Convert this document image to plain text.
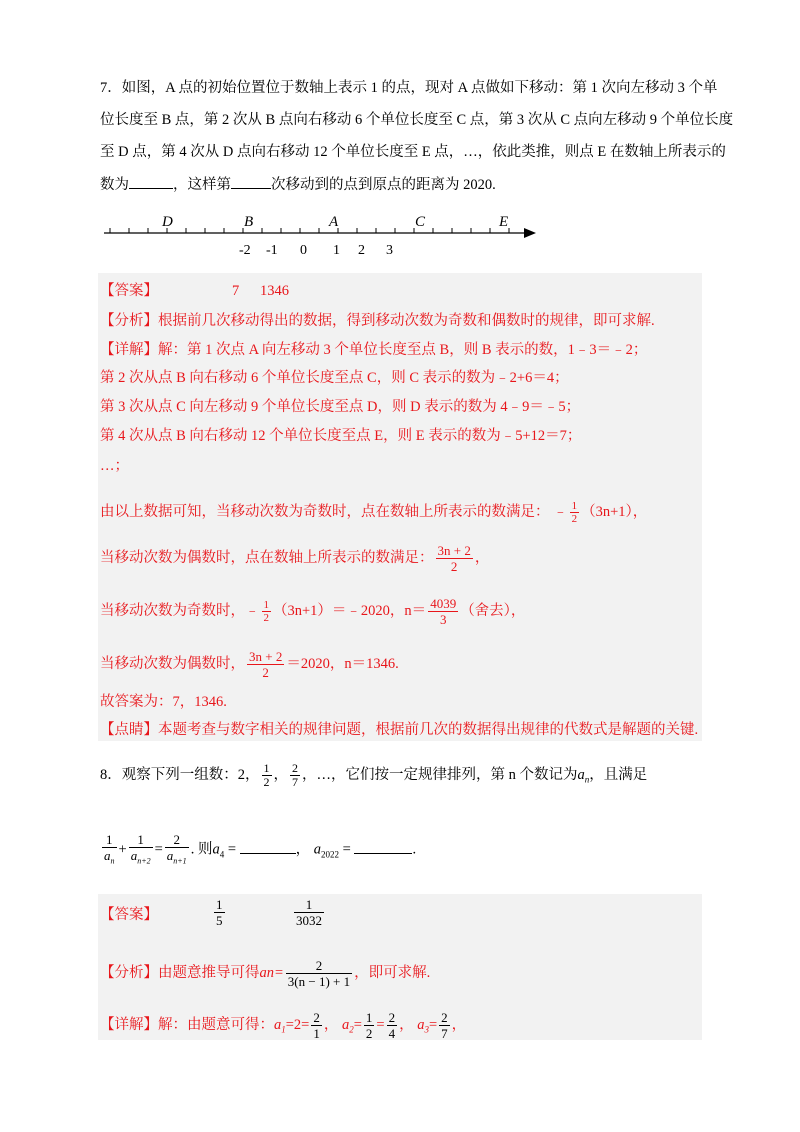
7．如图，A 点的初始位置位于数轴上表示 1 的点，现对 A 点做如下移动：第 1 次向左移动 3 个单
位长度至 B 点，第 2 次从 B 点向右移动 6 个单位长度至 C 点，第 3 次从 C 点向左移动 9 个单位长度
至 D 点，第 4 次从 D 点向右移动 12 个单位长度至 E 点，…，依此类推，则点 E 在数轴上所表示的
数为	，这样第	次移动到的点到原点的距离为 2020.
D	B	A	C	E
-2 -1 0 1 2 3
【答案】	7 1346
【分析】根据前几次移动得出的数据，得到移动次数为奇数和偶数时的规律，即可求解.
【详解】解：第 1 次点 A 向左移动 3 个单位长度至点 B，则 B 表示的数，1﹣3＝﹣2；
第 2 次从点 B 向右移动 6 个单位长度至点 C，则 C 表示的数为﹣2+6＝4；
第 3 次从点 C 向左移动 9 个单位长度至点 D，则 D 表示的数为 4﹣9＝﹣5；
第 4 次从点 B 向右移动 12 个单位长度至点 E，则 E 表示的数为﹣5+12＝7；
…；
由以上数据可知，当移动次数为奇数时，点在数轴上所表示的数满足： ﹣ $\frac{1}{2} (3n+1)$，
当移动次数为偶数时，点在数轴上所表示的数满足： $\frac{3n + 2}{2}$ ，
当移动次数为奇数时，﹣ $\frac{1}{2}$ （3n+1）＝﹣2020，$n= \frac{4039}{3}$ （舍去），
当移动次数为偶数时， $\frac{3n + 2}{2} =2020$，n＝1346.
故答案为：7，1346.
【点睛】本题考查与数字相关的规律问题，根据前几次的数据得出规律的代数式是解题的关键.
8．观察下列一组数：2， $\frac{1}{2}$ ， $\frac{2}{7}$ ，…，它们按一定规律排列，第 n 个数记为$a_n$，且满足
$\frac{1}{a_n} + \frac{1}{a_{n+2}} = \frac{2}{a_{n+1}}$ . 则$a_4$ =	， $a_{2022}$ =	.
【答案】	$\frac{1}{5}$	$\frac{1}{3032}$
【分析】由题意推导可得$an= \frac{2}{3(n - 1) + 1}$ ，即可求解.
【详解】解：由题意可得：$a_1=2= \frac{2}{1}$ ， $a_2= \frac{1}{2} = \frac{2}{4}$ ， $a_3= \frac{2}{7}$ ，
